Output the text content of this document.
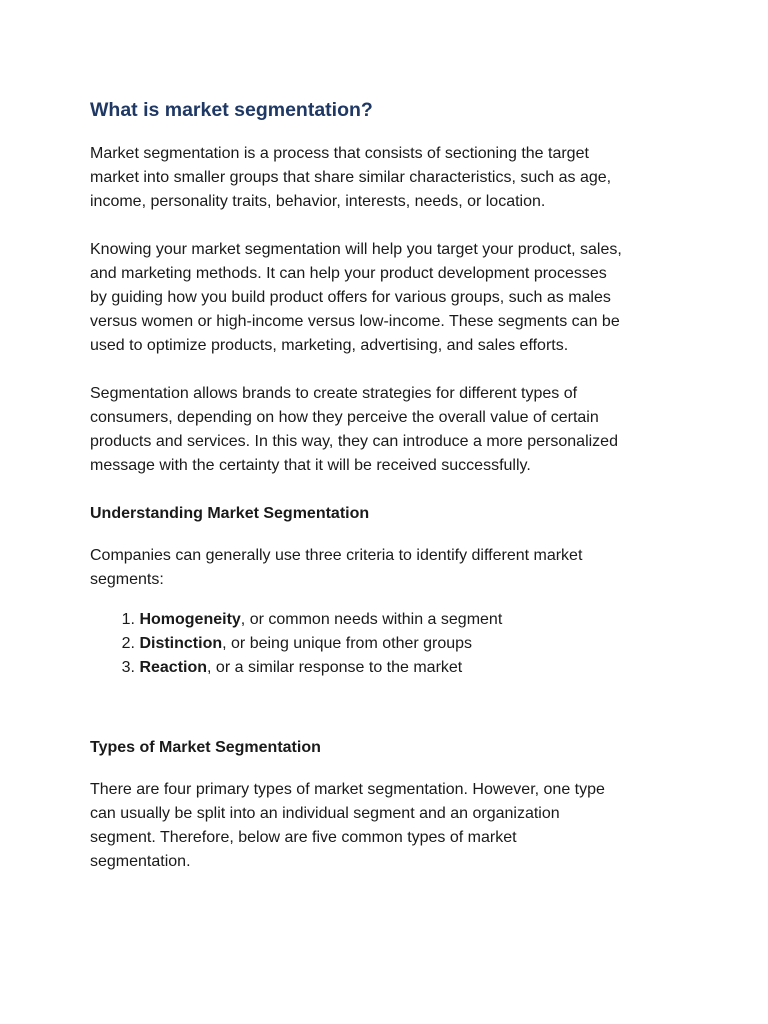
What is market segmentation?

Market segmentation is a process that consists of sectioning the target
market into smaller groups that share similar characteristics, such as age,
income, personality traits, behavior, interests, needs, or location.

Knowing your market segmentation will help you target your product, sales,
and marketing methods. It can help your product development processes
by guiding how you build product offers for various groups, such as males
versus women or high-income versus low-income. These segments can be
used to optimize products, marketing, advertising, and sales efforts.

Segmentation allows brands to create strategies for different types of
consumers, depending on how they perceive the overall value of certain
products and services. In this way, they can introduce a more personalized
message with the certainty that it will be received successfully.

Understanding Market Segmentation

Companies can generally use three criteria to identify different market
segments:

1. Homogeneity, or common needs within a segment
2. Distinction, or being unique from other groups
3. Reaction, or a similar response to the market
Types of Market Segmentation

There are four primary types of market segmentation. However, one type
can usually be split into an individual segment and an organization
segment. Therefore, below are five common types of market
segmentation.
